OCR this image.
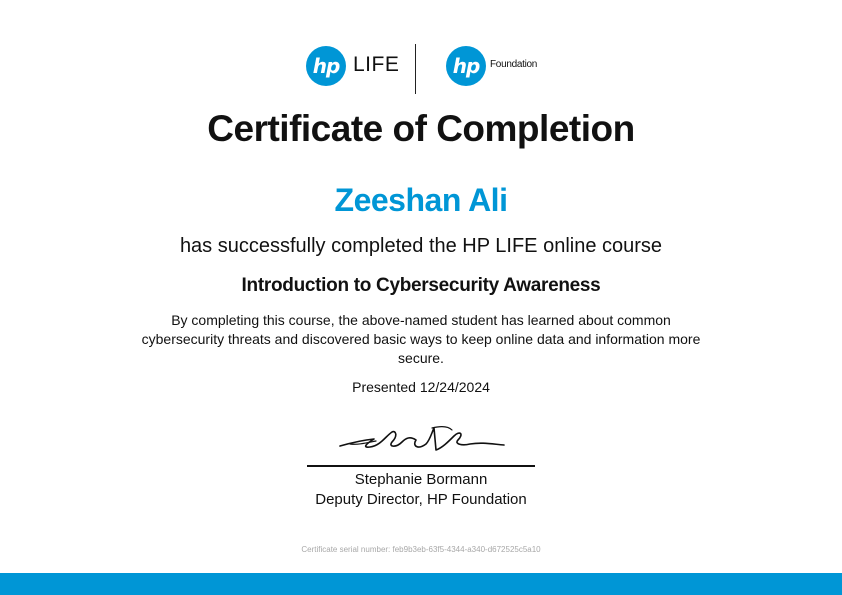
hp LIFE	hp	Foundation
Certificate of Completion
Zeeshan Ali
has successfully completed the HP LIFE online course
Introduction to Cybersecurity Awareness
By completing this course, the above-named student has learned about common cybersecurity threats and discovered basic ways to keep online data and information more secure.
Presented 12/24/2024
Stephanie Bormann
Deputy Director, HP Foundation
Certificate serial number: feb9b3eb-63f5-4344-a340-d672525c5a10
